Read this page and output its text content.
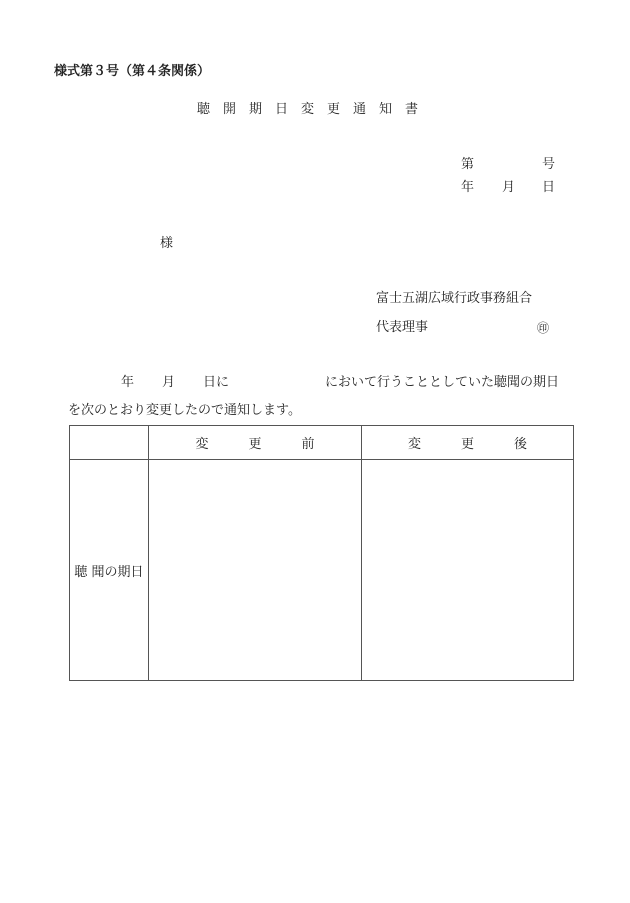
様式第３号（第４条関係）
聴 開 期 日 変 更 通 知 書
第	号
年 月 日
様
富士五湖広域行政事務組合
代表理事	㊞
年 月 日に	において行うこととしていた聴聞の期日
を次のとおり変更したので通知します。
	変 更 前	変 更 後
聴 聞の期日		
